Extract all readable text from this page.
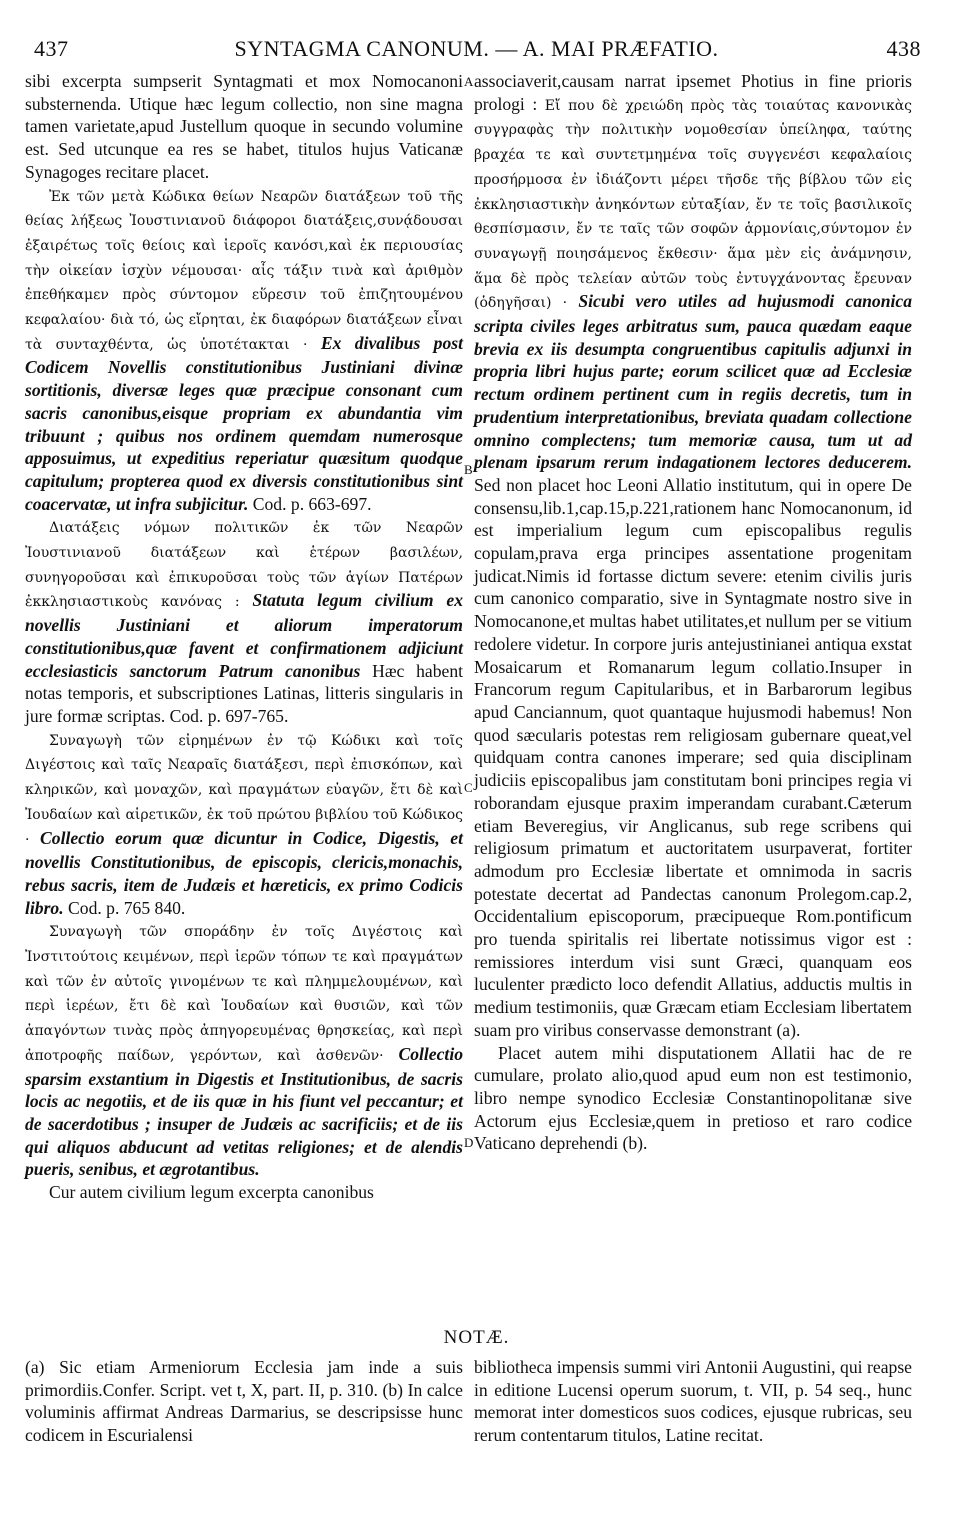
437	SYNTAGMA CANONUM. — A. MAI PRÆFATIO.	438
A
B
C
D

sibi excerpta sumpserit Syntagmati et mox Nomocanoni substernenda. Utique hæc legum collectio, non sine magna tamen varietate,apud Justellum quoque in secundo volumine est. Sed utcunque ea res se habet, titulos hujus Vaticanæ Synagoges recitare placet.

Ἐκ τῶν μετὰ Κώδικα θείων Νεαρῶν διατάξεων τοῦ τῆς θείας λήξεως Ἰουστινιανοῦ διάφοροι διατάξεις,συνᾴδουσαι ἐξαιρέτως τοῖς θείοις καὶ ἱεροῖς κανόσι,καὶ ἐκ περιουσίας τὴν οἰκείαν ἰσχὺν νέμουσαι· αἷς τάξιν τινὰ καὶ ἀριθμὸν ἐπεθήκαμεν πρὸς σύντομον εὕρεσιν τοῦ ἐπιζητουμένου κεφαλαίου· διὰ τό, ὡς εἴρηται, ἐκ διαφόρων διατάξεων εἶναι τὰ συνταχθέντα, ὡς ὑποτέτακται · Ex divalibus post Codicem Novellis constitutionibus Justiniani divinæ sortitionis, diversæ leges quæ præcipue consonant cum sacris canonibus,eisque propriam ex abundantia vim tribuunt ; quibus nos ordinem quemdam numerosque apposuimus, ut expeditius reperiatur quæsitum quodque capitulum; propterea quod ex diversis constitutionibus sint coacervatæ, ut infra subjicitur. Cod. p. 663-697.

Διατάξεις νόμων πολιτικῶν ἐκ τῶν Νεαρῶν Ἰουστινιανοῦ διατάξεων καὶ ἑτέρων βασιλέων, συνηγοροῦσαι καὶ ἐπικυροῦσαι τοὺς τῶν ἁγίων Πατέρων ἐκκλησιαστικοὺς κανόνας : Statuta legum civilium ex novellis Justiniani et aliorum imperatorum constitutionibus,quæ favent et confirmationem adjiciunt ecclesiasticis sanctorum Patrum canonibus Hæc habent notas temporis, et subscriptiones Latinas, litteris singularis in jure formæ scriptas. Cod. p. 697-765.

Συναγωγὴ τῶν εἰρημένων ἐν τῷ Κώδικι καὶ τοῖς Διγέστοις καὶ ταῖς Νεαραῖς διατάξεσι, περὶ ἐπισκόπων, καὶ κληρικῶν, καὶ μοναχῶν, καὶ πραγμάτων εὐαγῶν, ἔτι δὲ καὶ Ἰουδαίων καὶ αἱρετικῶν, ἐκ τοῦ πρώτου βιβλίου τοῦ Κώδικος · Collectio eorum quæ dicuntur in Codice, Digestis, et novellis Constitutionibus, de episcopis, clericis,monachis, rebus sacris, item de Judæis et hæreticis, ex primo Codicis libro. Cod. p. 765 840.

Συναγωγὴ τῶν σποράδην ἐν τοῖς Διγέστοις καὶ Ἰνστιτούτοις κειμένων, περὶ ἱερῶν τόπων τε καὶ πραγμάτων καὶ τῶν ἐν αὐτοῖς γινομένων τε καὶ πλημμελουμένων, καὶ περὶ ἱερέων, ἔτι δὲ καὶ Ἰουδαίων καὶ θυσιῶν, καὶ τῶν ἀπαγόντων τινὰς πρὸς ἀπηγορευμένας θρησκείας, καὶ περὶ ἀποτροφῆς παίδων, γερόντων, καὶ ἀσθενῶν· Collectio sparsim exstantium in Digestis et Institutionibus, de sacris locis ac negotiis, et de iis quæ in his fiunt vel peccantur; et de sacerdotibus ; insuper de Judæis ac sacrificiis; et de iis qui aliquos abducunt ad vetitas religiones; et de alendis pueris, senibus, et ægrotantibus.

Cur autem civilium legum excerpta canonibus

associaverit,causam narrat ipsemet Photius in fine prioris prologi : Εἴ που δὲ χρειώδη πρὸς τὰς τοιαύτας κανονικὰς συγγραφὰς τὴν πολιτικὴν νομοθεσίαν ὑπείληφα, ταύτης βραχέα τε καὶ συντετμημένα τοῖς συγγενέσι κεφαλαίοις προσήρμοσα ἐν ἰδιάζοντι μέρει τῆσδε τῆς βίβλου τῶν εἰς ἐκκλησιαστικὴν ἀνηκόντων εὐταξίαν, ἔν τε τοῖς βασιλικοῖς θεσπίσμασιν, ἔν τε ταῖς τῶν σοφῶν ἁρμονίαις,σύντομον ἐν συναγωγῇ ποιησάμενος ἔκθεσιν· ἅμα μὲν εἰς ἀνάμνησιν, ἅμα δὲ πρὸς τελείαν αὐτῶν τοὺς ἐντυγχάνοντας ἔρευναν (ὁδηγῆσαι) · Sicubi vero utiles ad hujusmodi canonica scripta civiles leges arbitratus sum, pauca quædam eaque brevia ex iis desumpta congruentibus capitulis adjunxi in propria libri hujus parte; eorum scilicet quæ ad Ecclesiæ rectum ordinem pertinent cum in regiis decretis, tum in prudentium interpretationibus, breviata quadam collectione omnino complectens; tum memoriæ causa, tum ut ad plenam ipsarum rerum indagationem lectores deducerem. Sed non placet hoc Leoni Allatio institutum, qui in opere De consensu,lib.1,cap.15,p.221,rationem hanc Nomocanonum, id est imperialium legum cum episcopalibus regulis copulam,prava erga principes assentatione progenitam judicat.Nimis id fortasse dictum severe: etenim civilis juris cum canonico comparatio, sive in Syntagmate nostro sive in Nomocanone,et multas habet utilitates,et nullum per se vitium redolere videtur. In corpore juris antejustinianei antiqua exstat Mosaicarum et Romanarum legum collatio.Insuper in Francorum regum Capitularibus, et in Barbarorum legibus apud Canciannum, quot quantaque hujusmodi habemus! Non quod sæcularis potestas rem religiosam gubernare queat,vel quidquam contra canones imperare; sed quia disciplinam judiciis episcopalibus jam constitutam boni principes regia vi roborandam ejusque praxim imperandam curabant.Cæterum etiam Beveregius, vir Anglicanus, sub rege scribens qui religiosum primatum et auctoritatem usurpaverat, fortiter admodum pro Ecclesiæ libertate et omnimoda in sacris potestate decertat ad Pandectas canonum Prolegom.cap.2, Occidentalium episcoporum, præcipueque Rom.pontificum pro tuenda spiritalis rei libertate notissimus vigor est : remissiores interdum visi sunt Græci, quanquam eos luculenter prædicto loco defendit Allatius, adductis multis in medium testimoniis, quæ Græcam etiam Ecclesiam libertatem suam pro viribus conservasse demonstrant (a).

Placet autem mihi disputationem Allatii hac de re cumulare, prolato alio,quod apud eum non est testimonio, libro nempe synodico Ecclesiæ Constantinopolitanæ sive Actorum ejus Ecclesiæ,quem in pretioso et raro codice Vaticano deprehendi (b).

NOTÆ.

(a) Sic etiam Armeniorum Ecclesia jam inde a suis primordiis.Confer. Script. vet t, X, part. II, p. 310. (b) In calce voluminis affirmat Andreas Darmarius, se descripsisse hunc codicem in Escurialensi

bibliotheca impensis summi viri Antonii Augustini, qui reapse in editione Lucensi operum suorum, t. VII, p. 54 seq., hunc memorat inter domesticos suos codices, ejusque rubricas, seu rerum contentarum titulos, Latine recitat.
